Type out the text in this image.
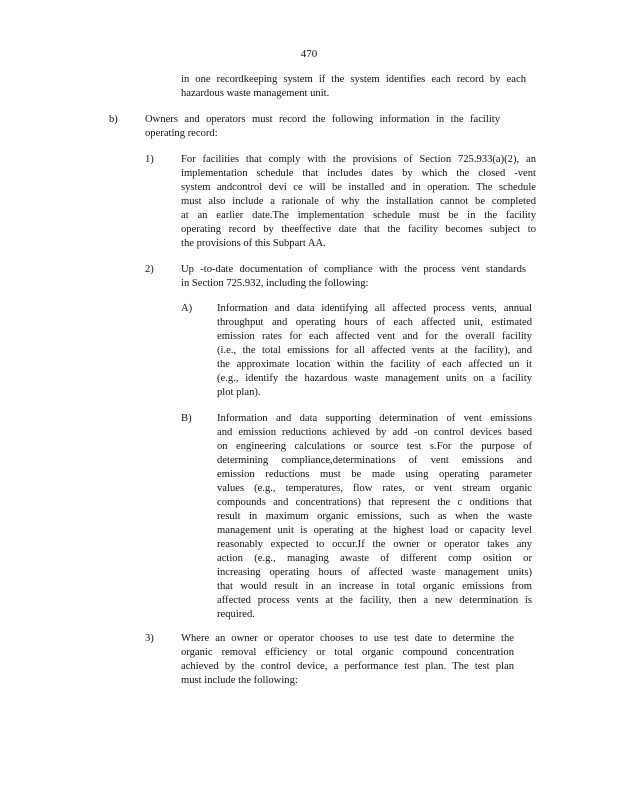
470
in one recordkeeping system if the system identifies each record by each
hazardous waste management unit.
b)	Owners and operators must record the following information in the facility
operating record:
1)	For facilities that comply with the provisions of Section 725.933(a)(2), an
implementation schedule that includes dates by which the closed -vent
system andcontrol devi ce will be installed and in operation. The schedule
must also include a rationale of why the installation cannot be completed
at an earlier date.The implementation schedule must be in the facility
operating record by theeffective date that the facility becomes subject to
the provisions of this Subpart AA.
2)	Up -to-date documentation of compliance with the process vent standards
in Section 725.932, including the following:
A) Information and data identifying all affected process vents, annual
throughput and operating hours of each affected unit, estimated
emission rates for each affected vent and for the overall facility
(i.e., the total emissions for all affected vents at the facility), and
the approximate location within the facility of each affected un it
(e.g., identify the hazardous waste management units on a facility
plot plan).
B) Information and data supporting determination of vent emissions
and emission reductions achieved by add -on control devices based
on engineering calculations or source test s.For the purpose of
determining compliance,determinations of vent emissions and
emission reductions must be made using operating parameter
values (e.g., temperatures, flow rates, or vent stream organic
compounds and concentrations) that represent the c onditions that
result in maximum organic emissions, such as when the waste
management unit is operating at the highest load or capacity level
reasonably expected to occur.If the owner or operator takes any
action (e.g., managing awaste of different comp osition or
increasing operating hours of affected waste management units)
that would result in an increase in total organic emissions from
affected process vents at the facility, then a new determination is
required.
3)	Where an owner or operator chooses to use test date to determine the
organic removal efficiency or total organic compound concentration
achieved by the control device, a performance test plan. The test plan
must include the following:
